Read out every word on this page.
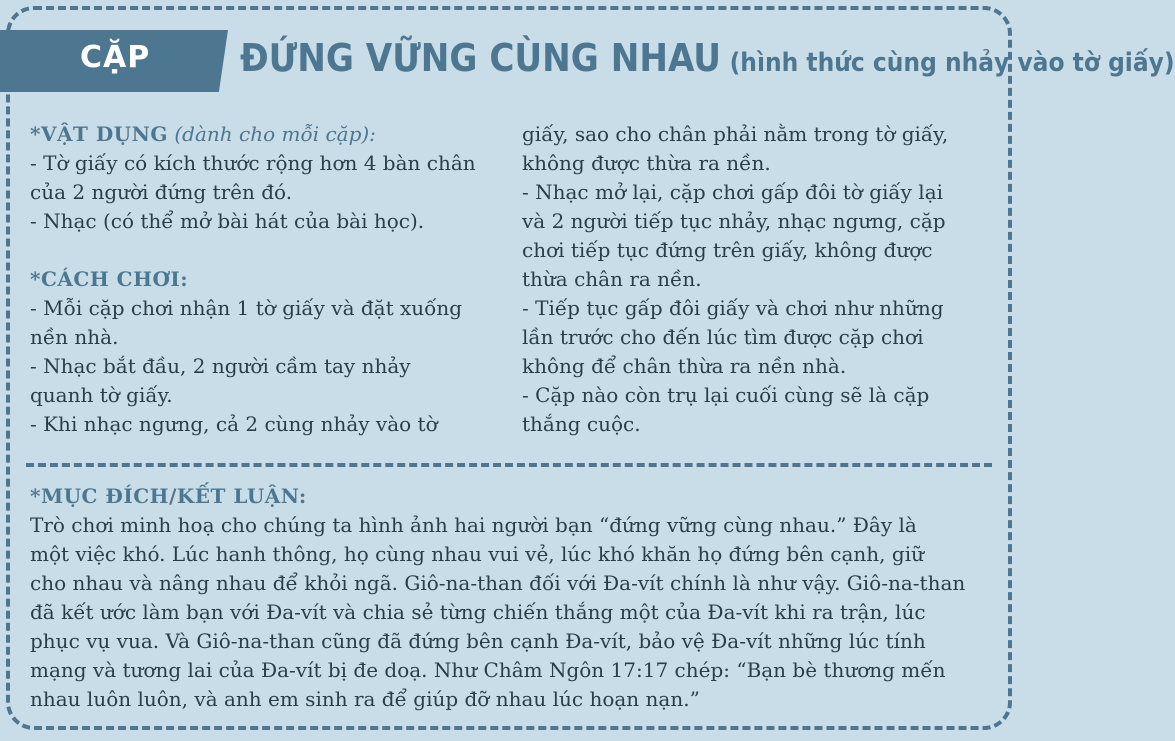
CẶP ĐỨNG VỮNG CÙNG NHAU (hình thức cùng nhảy vào tờ giấy)
*VẬT DỤNG (dành cho mỗi cặp):
- Tờ giấy có kích thước rộng hơn 4 bàn chân
của 2 người đứng trên đó.
- Nhạc (có thể mở bài hát của bài học).
*CÁCH CHƠI:
- Mỗi cặp chơi nhận 1 tờ giấy và đặt xuống
nền nhà.
- Nhạc bắt đầu, 2 người cầm tay nhảy
quanh tờ giấy.
- Khi nhạc ngưng, cả 2 cùng nhảy vào tờ
giấy, sao cho chân phải nằm trong tờ giấy,
không được thừa ra nền.
- Nhạc mở lại, cặp chơi gấp đôi tờ giấy lại
và 2 người tiếp tục nhảy, nhạc ngưng, cặp
chơi tiếp tục đứng trên giấy, không được
thừa chân ra nền.
- Tiếp tục gấp đôi giấy và chơi như những
lần trước cho đến lúc tìm được cặp chơi
không để chân thừa ra nền nhà.
- Cặp nào còn trụ lại cuối cùng sẽ là cặp
thắng cuộc.
*MỤC ĐÍCH/KẾT LUẬN:
Trò chơi minh hoạ cho chúng ta hình ảnh hai người bạn “đứng vững cùng nhau.” Đây là
một việc khó. Lúc hanh thông, họ cùng nhau vui vẻ, lúc khó khăn họ đứng bên cạnh, giữ
cho nhau và nâng nhau để khỏi ngã. Giô-na-than đối với Đa-vít chính là như vậy. Giô-na-than
đã kết ước làm bạn với Đa-vít và chia sẻ từng chiến thắng một của Đa-vít khi ra trận, lúc
phục vụ vua. Và Giô-na-than cũng đã đứng bên cạnh Đa-vít, bảo vệ Đa-vít những lúc tính
mạng và tương lai của Đa-vít bị đe doạ. Như Châm Ngôn 17:17 chép: “Bạn bè thương mến
nhau luôn luôn, và anh em sinh ra để giúp đỡ nhau lúc hoạn nạn.”
